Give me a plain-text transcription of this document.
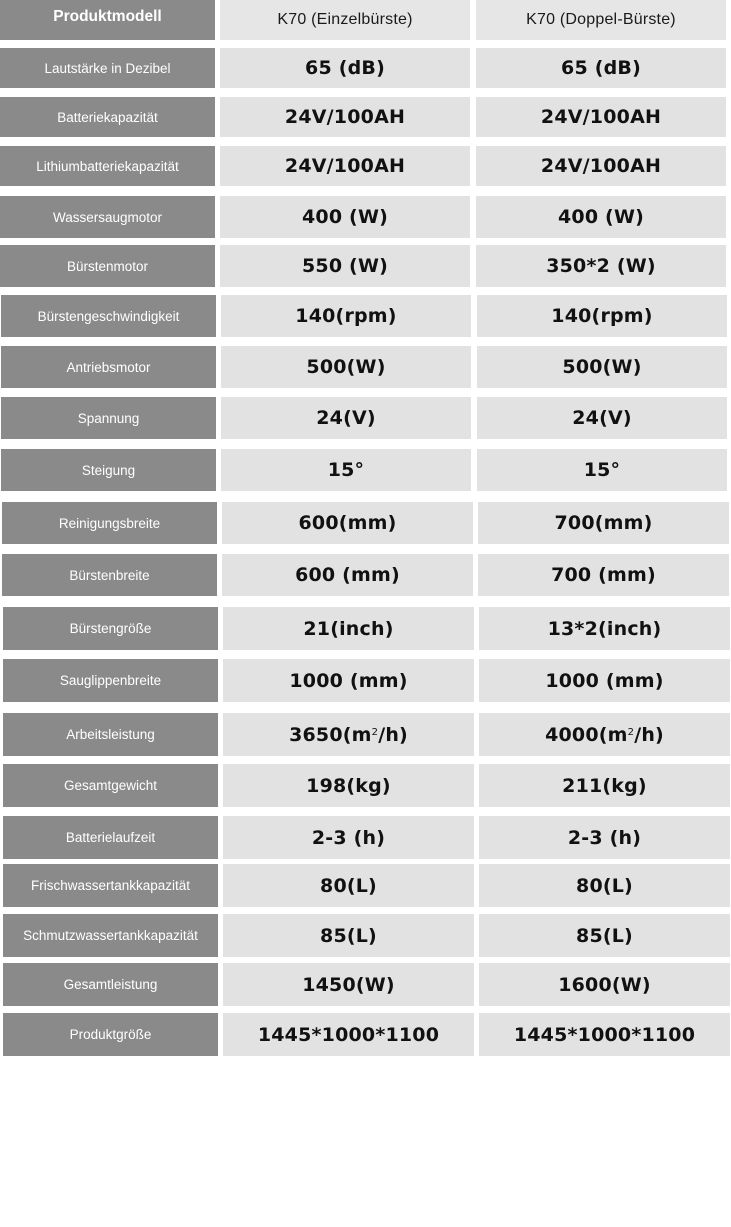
Produktmodell	K70 (Einzelbürste)	K70 (Doppel-Bürste)
Lautstärke in Dezibel	65 (dB)	65 (dB)
Batteriekapazität	24V/100AH	24V/100AH
Lithiumbatteriekapazität	24V/100AH	24V/100AH
Wassersaugmotor	400 (W)	400 (W)
Bürstenmotor	550 (W)	350*2 (W)
Bürstengeschwindigkeit	140(rpm)	140(rpm)
Antriebsmotor	500(W)	500(W)
Spannung	24(V)	24(V)
Steigung	15°	15°
Reinigungsbreite	600(mm)	700(mm)
Bürstenbreite	600 (mm)	700 (mm)
Bürstengröße	21(inch)	13*2(inch)
Sauglippenbreite	1000 (mm)	1000 (mm)
Arbeitsleistung	$3650(m^2$ /h)	$4000(m^2$ /h)
Gesamtgewicht	198(kg)	211(kg)
Batterielaufzeit	2-3 (h)	2-3 (h)
Frischwassertankkapazität	80(L)	80(L)
Schmutzwassertankkapazität	85(L)	85(L)
Gesamtleistung	1450(W)	1600(W)
Produktgröße	1445*1000*1100	1445*1000*1100
